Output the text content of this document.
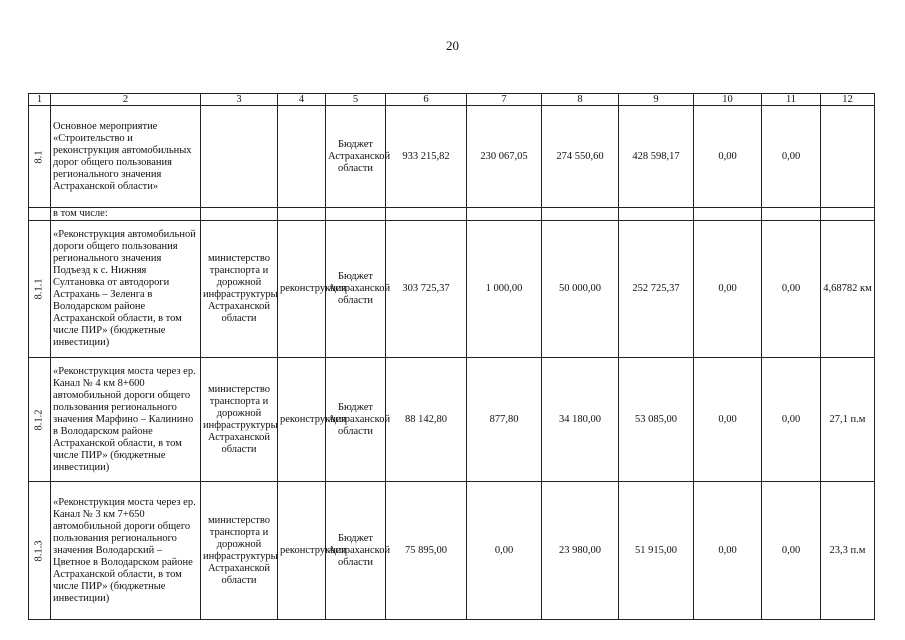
20
1	2	3	4	5	6	7	8	9	10	11	12
8.1	Основное мероприятие «Строительство и реконструкция автомобильных дорог общего пользования регионального значения Астраханской области»			Бюджет Астраханской области	933 215,82	230 067,05	274 550,60	428 598,17	0,00	0,00	
	в том числе:										
8.1.1	«Реконструкция автомобильной дороги общего пользования регионального значения Подъезд к с. Нижняя Султановка от автодороги Астрахань – Зеленга в Володарском районе Астраханской области, в том числе ПИР» (бюджетные инвестиции)	министерство транспорта и дорожной инфраструктуры Астраханской области	реконструкция	Бюджет Астраханской области	303 725,37	1 000,00	50 000,00	252 725,37	0,00	0,00	4,68782 км
8.1.2	«Реконструкция моста через ер. Канал № 4 км 8+600 автомобильной дороги общего пользования регионального значения Марфино – Калинино в Володарском районе Астраханской области, в том числе ПИР» (бюджетные инвестиции)	министерство транспорта и дорожной инфраструктуры Астраханской области	реконструкция	Бюджет Астраханской области	88 142,80	877,80	34 180,00	53 085,00	0,00	0,00	27,1 п.м
8.1.3	«Реконструкция моста через ер. Канал № 3 км 7+650 автомобильной дороги общего пользования регионального значения Володарский – Цветное в Володарском районе Астраханской области, в том числе ПИР» (бюджетные инвестиции)	министерство транспорта и дорожной инфраструктуры Астраханской области	реконструкция	Бюджет Астраханской области	75 895,00	0,00	23 980,00	51 915,00	0,00	0,00	23,3 п.м
